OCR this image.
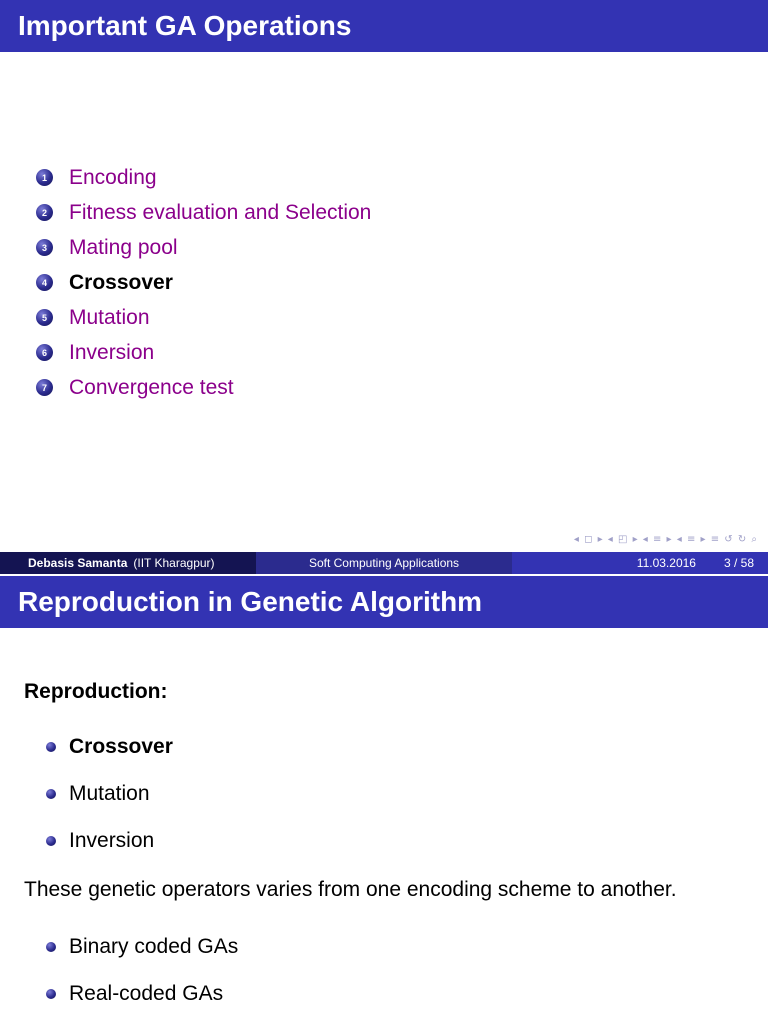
Important GA Operations
1 Encoding
2 Fitness evaluation and Selection
3 Mating pool
4 Crossover
5 Mutation
6 Inversion
7 Convergence test
◂ ◻ ▸ ◂ ◰ ▸ ◂ ≡ ▸ ◂ ≡ ▸ ≡ ↺ ↻ ⌕
Debasis Samanta (IIT Kharagpur)	Soft Computing Applications	11.03.2016 3 / 58
Reproduction in Genetic Algorithm
Reproduction:
Crossover
Mutation
Inversion
These genetic operators varies from one encoding scheme to another.
Binary coded GAs
Real-coded GAs
